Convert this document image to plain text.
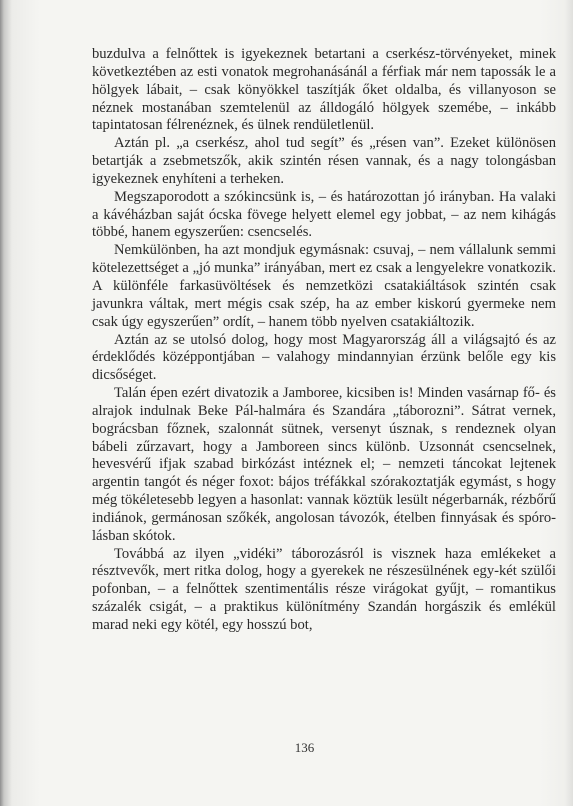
buzdulva a felnőttek is igyekeznek betartani a cserkész-törvényeket, minek következtében az esti vonatok megrohanásánál a férfiak már nem tapossák le a hölgyek lábait, – csak könyökkel taszítják őket oldalba, és villanyoson se néznek mostanában szemtelenül az álldogáló hölgyek szemébe, – inkább tapintatosan félrenéznek, és ülnek rendületlenül.

Aztán pl. „a cserkész, ahol tud segít” és „résen van”. Ezeket különösen betartják a zsebmetszők, akik szintén résen vannak, és a nagy tolongásban igyekeznek enyhíteni a terheken.

Megszaporodott a szókincsünk is, – és határozottan jó irányban. Ha valaki a kávéházban saját ócska fövege helyett elemel egy jobbat, – az nem kihágás többé, hanem egyszerűen: csencselés.

Nemkülönben, ha azt mondjuk egymásnak: csuvaj, – nem vállalunk semmi kötelezettséget a „jó munka” irányában, mert ez csak a lengyelekre vonatkozik. A különféle farkasüvöltések és nemzetközi csatakiáltások szintén csak javunkra váltak, mert mégis csak szép, ha az ember kiskorú gyermeke nem csak úgy egyszerűen” ordít, – hanem több nyelven csatakiáltozik.

Aztán az se utolsó dolog, hogy most Magyarország áll a világsajtó és az érdeklődés középpontjában – valahogy mindannyian érzünk belőle egy kis dicsőséget.

Talán épen ezért divatozik a Jamboree, kicsiben is! Minden vasárnap fő- és alrajok indulnak Beke Pál-halmára és Szandára „táborozni”. Sátrat vernek, bográcsban főznek, szalonnát sütnek, versenyt úsznak, s rendeznek olyan bábeli zűrzavart, hogy a Jamboreen sincs különb. Uzsonnát csencselnek, hevesvérű ifjak szabad birkózást intéznek el; – nemzeti táncokat lejtenek argentin tangót és néger foxot: bájos tréfákkal szórakoztatják egymást, s hogy még tökéletesebb legyen a hasonlat: vannak köztük lesült négerbarnák, rézbőrű indiánok, germánosan szőkék, angolosan távozók, ételben finnyásak és spórolásban skótok.

Továbbá az ilyen „vidéki” táborozásról is visznek haza emlékeket a résztvevők, mert ritka dolog, hogy a gyerekek ne részesülnének egy-két szülői pofonban, – a felnőttek szentimentális része virágokat gyűjt, – romantikus százalék csigát, – a praktikus különítmény Szandán horgászik és emlékül marad neki egy kötél, egy hosszú bot,

136
